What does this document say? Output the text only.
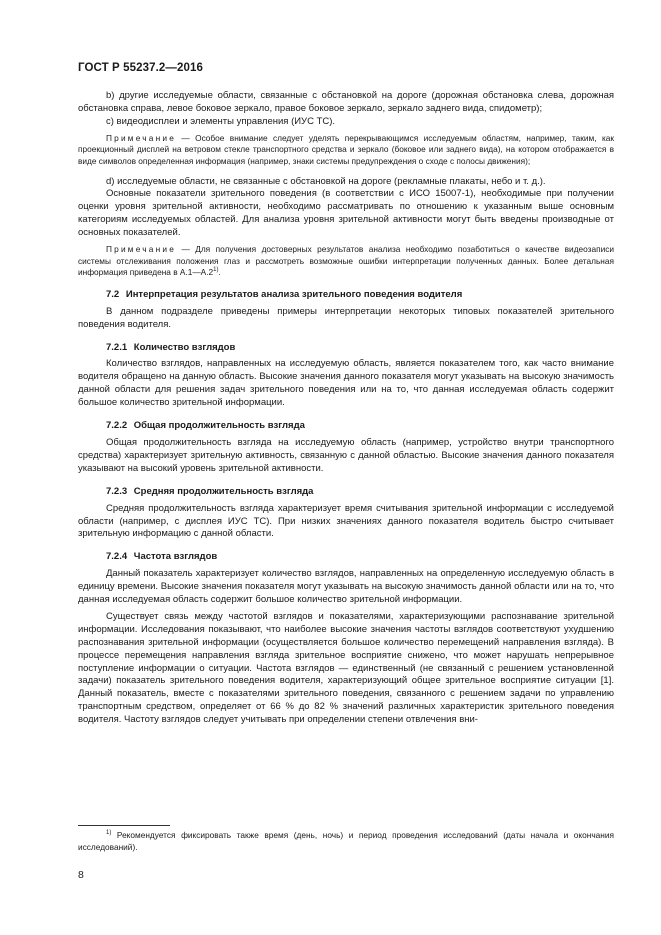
ГОСТ Р 55237.2—2016

b) другие исследуемые области, связанные с обстановкой на дороге (дорожная обстановка слева, дорожная обстановка справа, левое боковое зеркало, правое боковое зеркало, зеркало заднего вида, спидометр);

c) видеодисплеи и элементы управления (ИУС ТС).

Примечание — Особое внимание следует уделять перекрывающимся исследуемым областям, например, таким, как проекционный дисплей на ветровом стекле транспортного средства и зеркало (боковое или заднего вида), на котором отображается в виде символов определенная информация (например, знаки системы предупреждения о сходе с полосы движения);

d) исследуемые области, не связанные с обстановкой на дороге (рекламные плакаты, небо и т. д.).

Основные показатели зрительного поведения (в соответствии с ИСО 15007-1), необходимые при получении оценки уровня зрительной активности, необходимо рассматривать по отношению к указанным выше основным категориям исследуемых областей. Для анализа уровня зрительной активности могут быть введены производные от основных показателей.

Примечание — Для получения достоверных результатов анализа необходимо позаботиться о качестве видеозаписи системы отслеживания положения глаз и рассмотреть возможные ошибки интерпретации полученных данных. Более детальная информация приведена в А.1—А.2$^{1)}$.

7.2 Интерпретация результатов анализа зрительного поведения водителя

В данном подразделе приведены примеры интерпретации некоторых типовых показателей зрительного поведения водителя.

7.2.1 Количество взглядов

Количество взглядов, направленных на исследуемую область, является показателем того, как часто внимание водителя обращено на данную область. Высокие значения данного показателя могут указывать на высокую значимость данной области для решения задач зрительного поведения или на то, что данная исследуемая область содержит большое количество зрительной информации.

7.2.2 Общая продолжительность взгляда

Общая продолжительность взгляда на исследуемую область (например, устройство внутри транспортного средства) характеризует зрительную активность, связанную с данной областью. Высокие значения данного показателя указывают на высокий уровень зрительной активности.

7.2.3 Средняя продолжительность взгляда

Средняя продолжительность взгляда характеризует время считывания зрительной информации с исследуемой области (например, с дисплея ИУС ТС). При низких значениях данного показателя водитель быстро считывает зрительную информацию с данной области.

7.2.4 Частота взглядов

Данный показатель характеризует количество взглядов, направленных на определенную исследуемую область в единицу времени. Высокие значения показателя могут указывать на высокую значимость данной области или на то, что данная исследуемая область содержит большое количество зрительной информации.

Существует связь между частотой взглядов и показателями, характеризующими распознавание зрительной информации. Исследования показывают, что наиболее высокие значения частоты взглядов соответствуют ухудшению распознавания зрительной информации (осуществляется большое количество перемещений направления взгляда). В процессе перемещения направления взгляда зрительное восприятие снижено, что может нарушать непрерывное поступление информации о ситуации. Частота взглядов — единственный (не связанный с решением установленной задачи) показатель зрительного поведения водителя, характеризующий общее зрительное восприятие ситуации [1]. Данный показатель, вместе с показателями зрительного поведения, связанного с решением задачи по управлению транспортным средством, определяет от 66 % до 82 % значений различных характеристик зрительного поведения водителя. Частоту взглядов следует учитывать при определении степени отвлечения вни-

$^{1)}$ Рекомендуется фиксировать также время (день, ночь) и период проведения исследований (даты начала и окончания исследований).
8
